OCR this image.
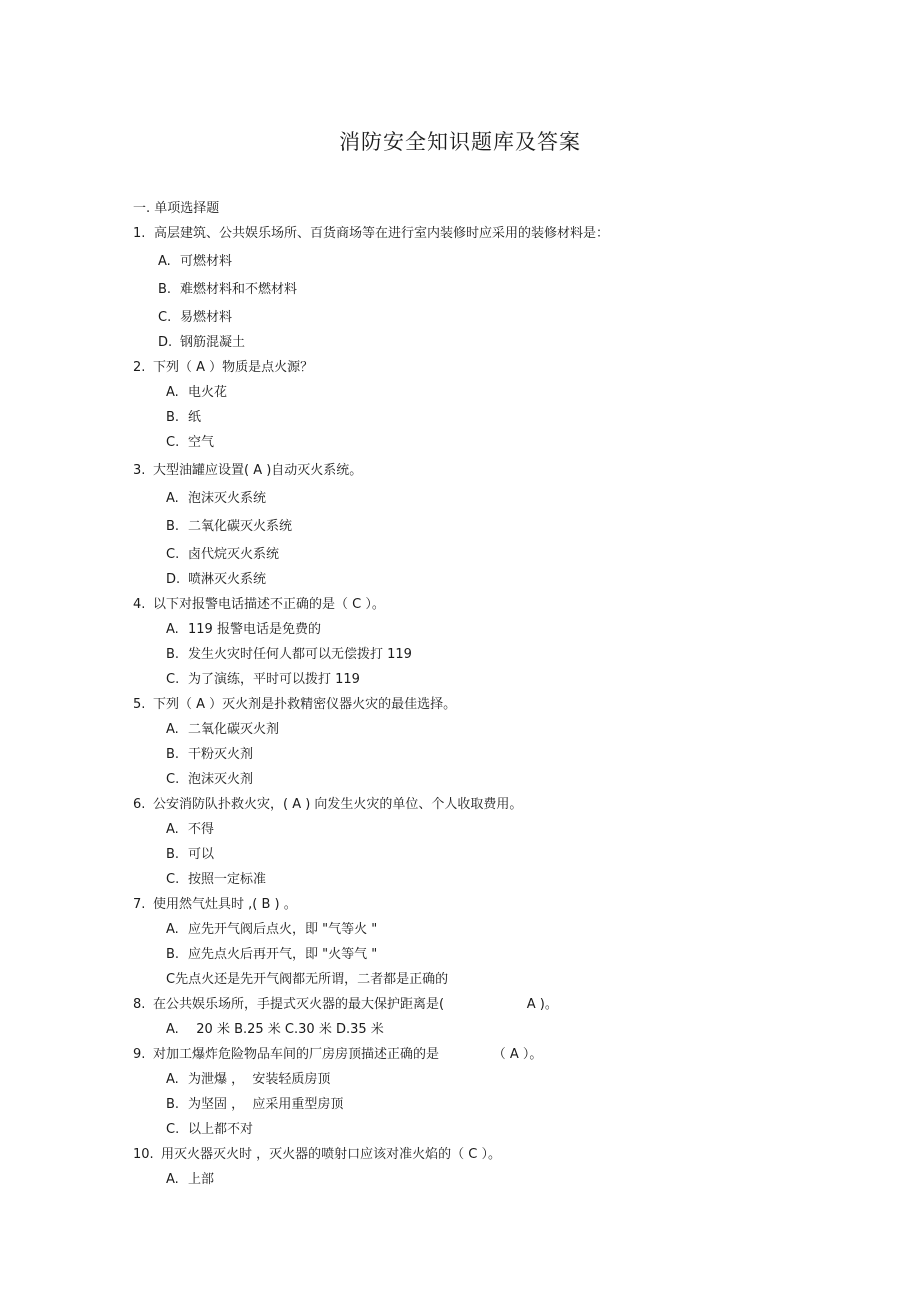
消防安全知识题库及答案
一. 单项选择题
1. 高层建筑、公共娱乐场所、百货商场等在进行室内装修时应采用的装修材料是：
A. 可燃材料
B. 难燃材料和不燃材料
C. 易燃材料
D. 钢筋混凝土
2. 下列（ A ）物质是点火源？
A. 电火花
B. 纸
C. 空气
3. 大型油罐应设置( A )自动灭火系统。
A. 泡沫灭火系统
B. 二氧化碳灭火系统
C. 卤代烷灭火系统
D. 喷淋灭火系统
4. 以下对报警电话描述不正确的是（ C ）。
A. 119 报警电话是免费的
B. 发生火灾时任何人都可以无偿拨打 119
C. 为了演练，平时可以拨打 119
5. 下列（ A ）灭火剂是扑救精密仪器火灾的最佳选择。
A. 二氧化碳灭火剂
B. 干粉灭火剂
C. 泡沫灭火剂
6. 公安消防队扑救火灾，( A ) 向发生火灾的单位、个人收取费用。
A. 不得
B. 可以
C. 按照一定标准
7. 使用然气灶具时 ,( B ) 。
A. 应先开气阀后点火，即 "气等火 "
B. 应先点火后再开气，即 "火等气 "
C先点火还是先开气阀都无所谓，二者都是正确的
8. 在公共娱乐场所，手提式灭火器的最大保护距离是(                    A )。
A.  20 米 B.25 米 C.30 米 D.35 米
9. 对加工爆炸危险物品车间的厂房房顶描述正确的是             （ A ）。
A. 为泄爆 ，  安装轻质房顶
B. 为坚固 ，  应采用重型房顶
C. 以上都不对
10. 用灭火器灭火时 ，灭火器的喷射口应该对准火焰的（ C ）。
A. 上部
